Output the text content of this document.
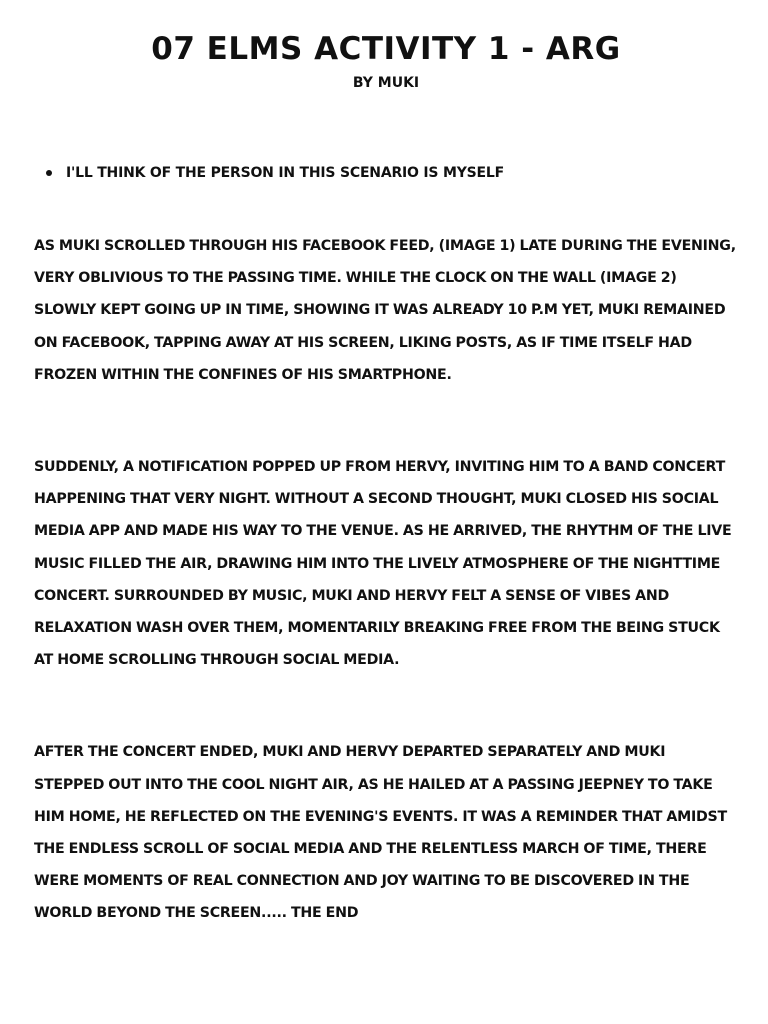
07 ELMS ACTIVITY 1 - ARG
BY MUKI
I'LL THINK OF THE PERSON IN THIS SCENARIO IS MYSELF

AS MUKI SCROLLED THROUGH HIS FACEBOOK FEED, (IMAGE 1) LATE DURING THE EVENING, VERY OBLIVIOUS TO THE PASSING TIME. WHILE THE CLOCK ON THE WALL (IMAGE 2) SLOWLY KEPT GOING UP IN TIME, SHOWING IT WAS ALREADY 10 P.M YET, MUKI REMAINED ON FACEBOOK, TAPPING AWAY AT HIS SCREEN, LIKING POSTS, AS IF TIME ITSELF HAD FROZEN WITHIN THE CONFINES OF HIS SMARTPHONE.

SUDDENLY, A NOTIFICATION POPPED UP FROM HERVY, INVITING HIM TO A BAND CONCERT HAPPENING THAT VERY NIGHT. WITHOUT A SECOND THOUGHT, MUKI CLOSED HIS SOCIAL MEDIA APP AND MADE HIS WAY TO THE VENUE. AS HE ARRIVED, THE RHYTHM OF THE LIVE MUSIC FILLED THE AIR, DRAWING HIM INTO THE LIVELY ATMOSPHERE OF THE NIGHTTIME CONCERT. SURROUNDED BY MUSIC, MUKI AND HERVY FELT A SENSE OF VIBES AND RELAXATION WASH OVER THEM, MOMENTARILY BREAKING FREE FROM THE BEING STUCK AT HOME SCROLLING THROUGH SOCIAL MEDIA.

AFTER THE CONCERT ENDED, MUKI AND HERVY DEPARTED SEPARATELY AND MUKI STEPPED OUT INTO THE COOL NIGHT AIR, AS HE HAILED AT A PASSING JEEPNEY TO TAKE HIM HOME, HE REFLECTED ON THE EVENING'S EVENTS. IT WAS A REMINDER THAT AMIDST THE ENDLESS SCROLL OF SOCIAL MEDIA AND THE RELENTLESS MARCH OF TIME, THERE WERE MOMENTS OF REAL CONNECTION AND JOY WAITING TO BE DISCOVERED IN THE WORLD BEYOND THE SCREEN..... THE END
